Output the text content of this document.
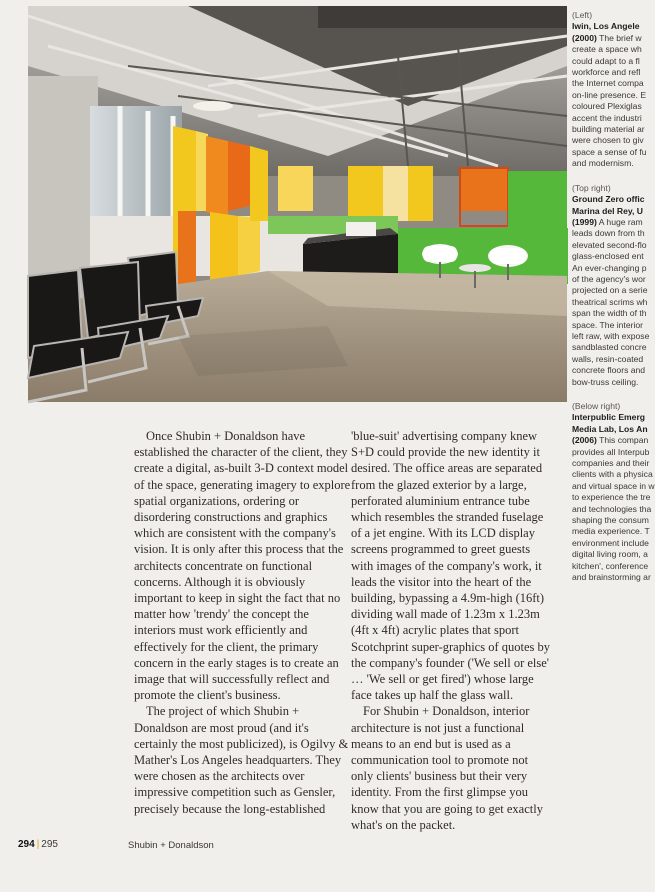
(Left)
Iwin, Los Angele
(2000) The brief w
create a space wh
could adapt to a fl
workforce and refl
the Internet compa
on-line presence. E
coloured Plexiglas
accent the industri
building material ar
were chosen to giv
space a sense of fu
and modernism.
(Top right)
Ground Zero offic
Marina del Rey, U
(1999) A huge ram
leads down from th
elevated second-flo
glass-enclosed ent
An ever-changing p
of the agency's wor
projected on a serie
theatrical scrims wh
span the width of th
space. The interior
left raw, with expose
sandblasted concre
walls, resin-coated
concrete floors and
bow-truss ceiling.
(Below right)
Interpublic Emerg
Media Lab, Los An
(2006) This compan
provides all Interpub
companies and their
clients with a physica
and virtual space in w
to experience the tre
and technologies tha
shaping the consum
media experience. T
environment include
digital living room, a
kitchen', conference
and brainstorming ar

Once Shubin + Donaldson have established the character of the client, they create a digital, as-built 3-D context model of the space, generating imagery to explore spatial organizations, ordering or disordering constructions and graphics which are consistent with the company's vision. It is only after this process that the architects concentrate on functional concerns. Although it is obviously important to keep in sight the fact that no matter how 'trendy' the concept the interiors must work efficiently and effectively for the client, the primary concern in the early stages is to create an image that will successfully reflect and promote the client's business.

The project of which Shubin + Donaldson are most proud (and it's certainly the most publicized), is Ogilvy & Mather's Los Angeles headquarters. They were chosen as the architects over impressive competition such as Gensler, precisely because the long-established

'blue-suit' advertising company knew S+D could provide the new identity it desired. The office areas are separated from the glazed exterior by a large, perforated aluminium entrance tube which resembles the stranded fuselage of a jet engine. With its LCD display screens programmed to greet guests with images of the company's work, it leads the visitor into the heart of the building, bypassing a 4.9m-high (16ft) dividing wall made of 1.23m x 1.23m (4ft x 4ft) acrylic plates that sport Scotchprint super-graphics of quotes by the company's founder ('We sell or else' … 'We sell or get fired') whose large face takes up half the glass wall.

For Shubin + Donaldson, interior architecture is not just a functional means to an end but is used as a communication tool to promote not only clients' business but their very identity. From the first glimpse you know that you are going to get exactly what's on the packet.

294 | 295	Shubin + Donaldson
